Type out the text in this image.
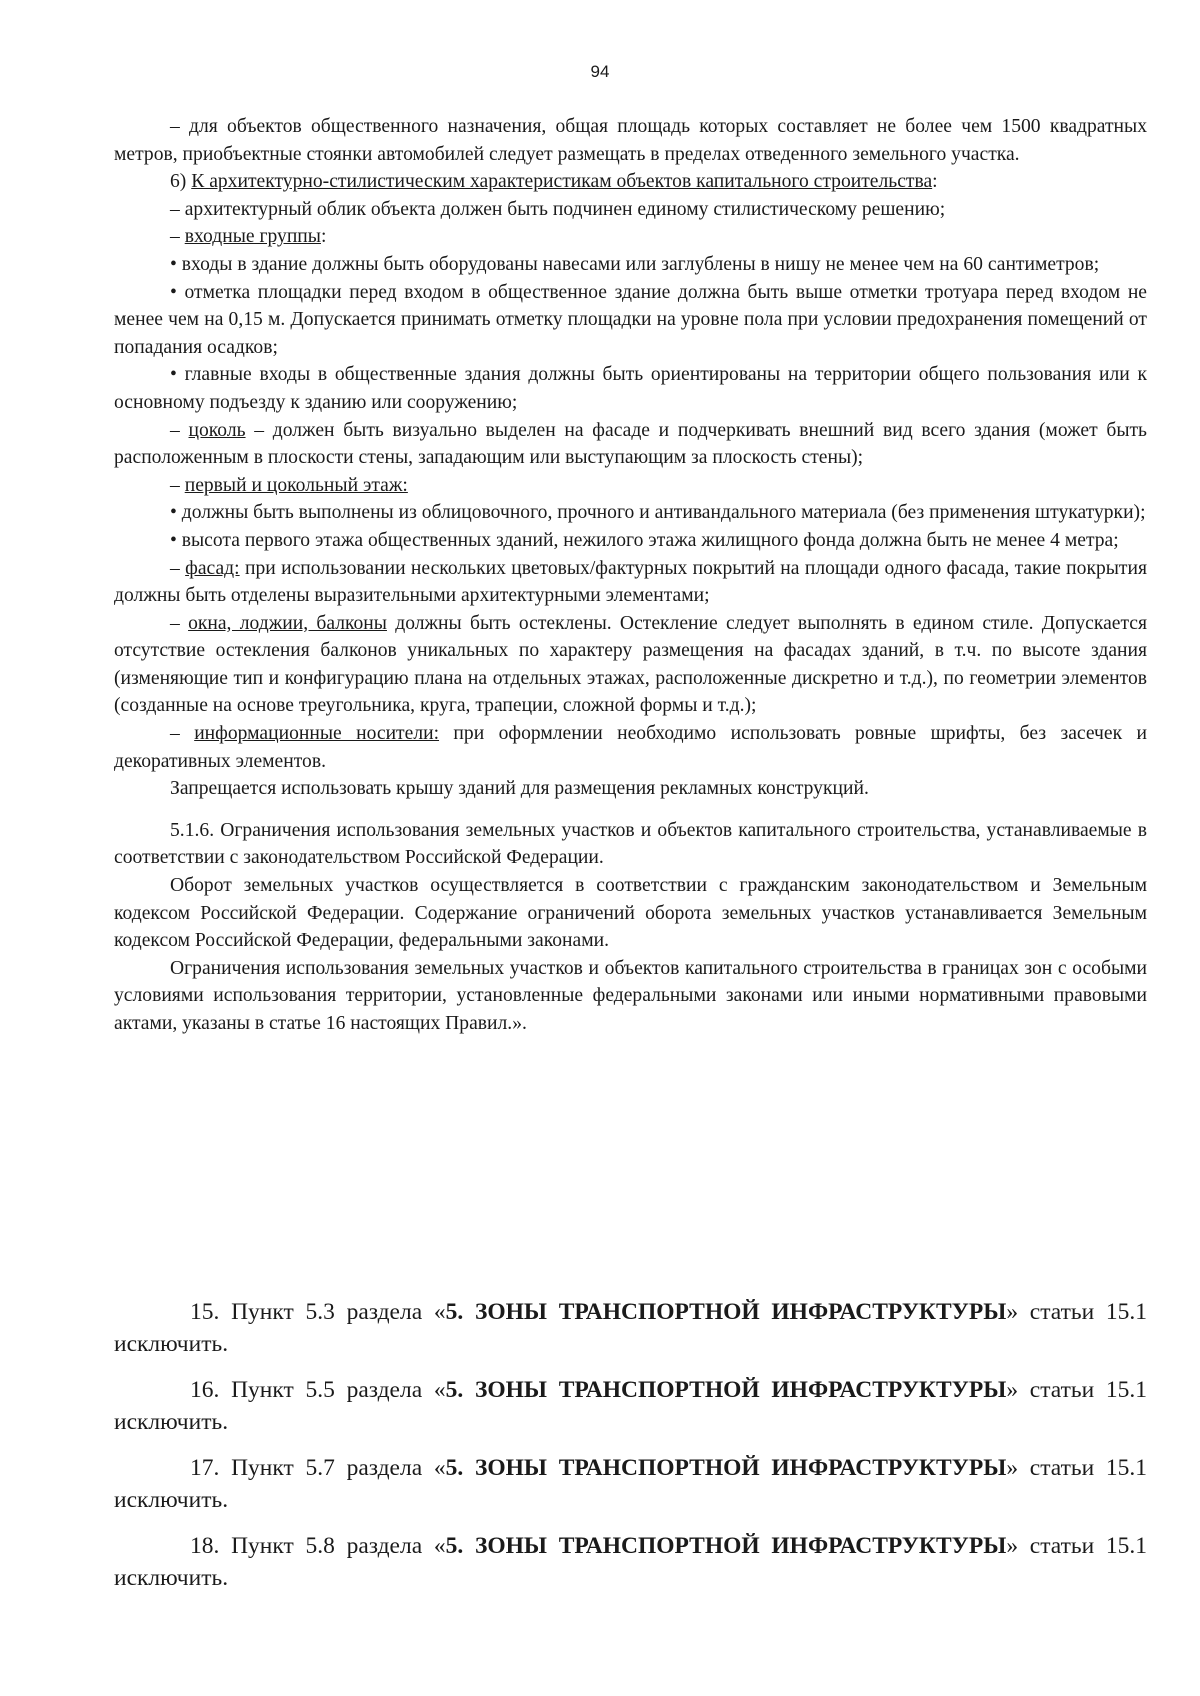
94

– для объектов общественного назначения, общая площадь которых составляет не более чем 1500 квадратных метров, приобъектные стоянки автомобилей следует размещать в пределах отведенного земельного участка.

6) К архитектурно-стилистическим характеристикам объектов капитального строительства:

– архитектурный облик объекта должен быть подчинен единому стилистическому решению;

– входные группы:

• входы в здание должны быть оборудованы навесами или заглублены в нишу не менее чем на 60 сантиметров;

• отметка площадки перед входом в общественное здание должна быть выше отметки тротуара перед входом не менее чем на 0,15 м. Допускается принимать отметку площадки на уровне пола при условии предохранения помещений от попадания осадков;

• главные входы в общественные здания должны быть ориентированы на территории общего пользования или к основному подъезду к зданию или сооружению;

– цоколь – должен быть визуально выделен на фасаде и подчеркивать внешний вид всего здания (может быть расположенным в плоскости стены, западающим или выступающим за плоскость стены);

– первый и цокольный этаж:

• должны быть выполнены из облицовочного, прочного и антивандального материала (без применения штукатурки);

• высота первого этажа общественных зданий, нежилого этажа жилищного фонда должна быть не менее 4 метра;

– фасад: при использовании нескольких цветовых/фактурных покрытий на площади одного фасада, такие покрытия должны быть отделены выразительными архитектурными элементами;

– окна, лоджии, балконы должны быть остеклены. Остекление следует выполнять в едином стиле. Допускается отсутствие остекления балконов уникальных по характеру размещения на фасадах зданий, в т.ч. по высоте здания (изменяющие тип и конфигурацию плана на отдельных этажах, расположенные дискретно и т.д.), по геометрии элементов (созданные на основе треугольника, круга, трапеции, сложной формы и т.д.);

– информационные носители: при оформлении необходимо использовать ровные шрифты, без засечек и декоративных элементов.

Запрещается использовать крышу зданий для размещения рекламных конструкций.

5.1.6. Ограничения использования земельных участков и объектов капитального строительства, устанавливаемые в соответствии с законодательством Российской Федерации.

Оборот земельных участков осуществляется в соответствии с гражданским законодательством и Земельным кодексом Российской Федерации. Содержание ограничений оборота земельных участков устанавливается Земельным кодексом Российской Федерации, федеральными законами.

Ограничения использования земельных участков и объектов капитального строительства в границах зон с особыми условиями использования территории, установленные федеральными законами или иными нормативными правовыми актами, указаны в статье 16 настоящих Правил.».

15. Пункт 5.3 раздела «5. ЗОНЫ ТРАНСПОРТНОЙ ИНФРАСТРУКТУРЫ» статьи 15.1 исключить.

16. Пункт 5.5 раздела «5. ЗОНЫ ТРАНСПОРТНОЙ ИНФРАСТРУКТУРЫ» статьи 15.1 исключить.

17. Пункт 5.7 раздела «5. ЗОНЫ ТРАНСПОРТНОЙ ИНФРАСТРУКТУРЫ» статьи 15.1 исключить.

18. Пункт 5.8 раздела «5. ЗОНЫ ТРАНСПОРТНОЙ ИНФРАСТРУКТУРЫ» статьи 15.1 исключить.
